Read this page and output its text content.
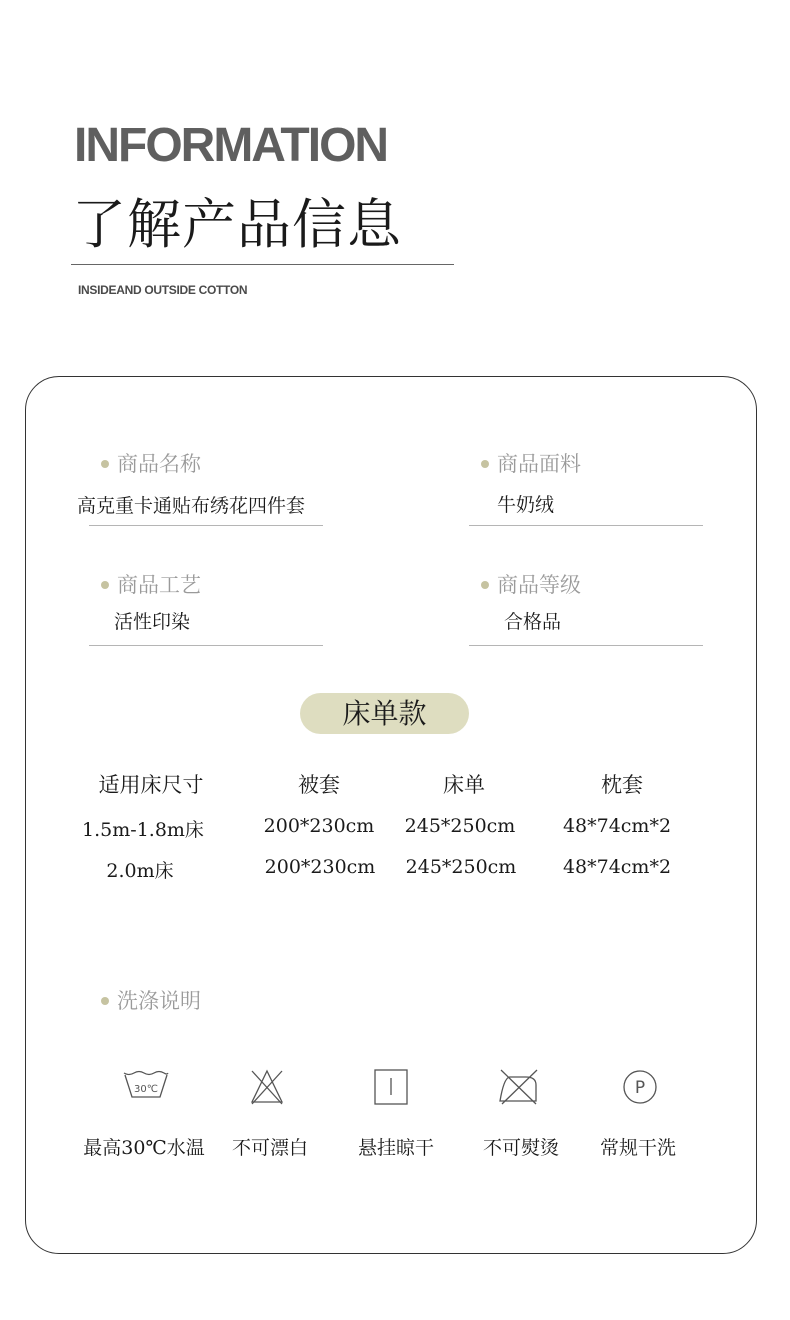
INFORMATION
了解产品信息
INSIDEAND OUTSIDE COTTON
商品名称
高克重卡通贴布绣花四件套
商品面料
牛奶绒
商品工艺
活性印染
商品等级
合格品
床单款
适用床尺寸	被套	床单	枕套
1.5m-1.8m床	200*230cm 245*250cm	48*74cm*2
2.0m床	200*230cm 245*250cm	48*74cm*2
洗涤说明
30℃	P
最高30℃水温	不可漂白	悬挂晾干	不可熨烫	常规干洗
